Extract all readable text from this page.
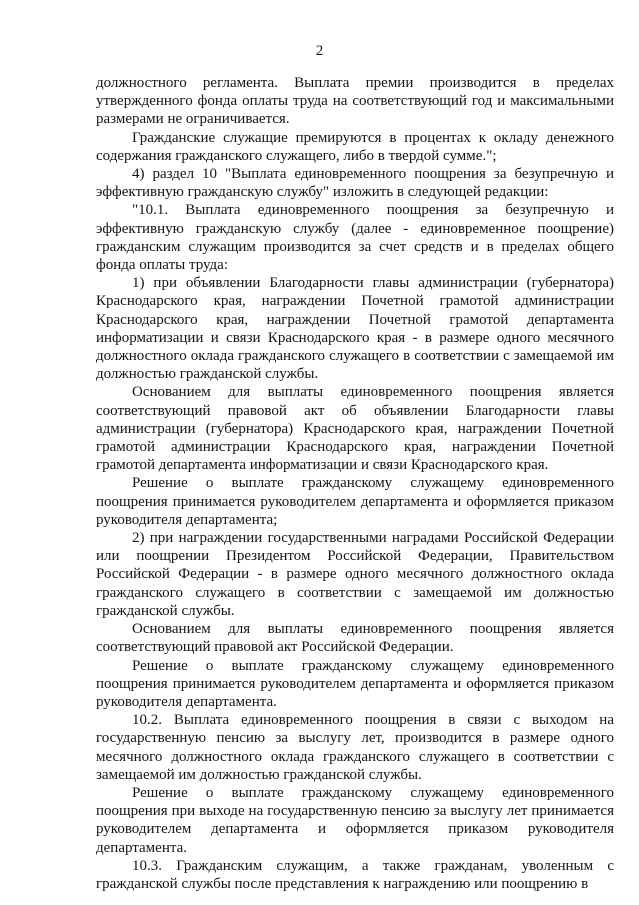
2

должностного регламента. Выплата премии производится в пределах утвержденного фонда оплаты труда на соответствующий год и максимальными размерами не ограничивается.

Гражданские служащие премируются в процентах к окладу денежного содержания гражданского служащего, либо в твердой сумме.";

4) раздел 10 "Выплата единовременного поощрения за безупречную и эффективную гражданскую службу" изложить в следующей редакции:

"10.1. Выплата единовременного поощрения за безупречную и эффективную гражданскую службу (далее - единовременное поощрение) гражданским служащим производится за счет средств и в пределах общего фонда оплаты труда:

1) при объявлении Благодарности главы администрации (губернатора) Краснодарского края, награждении Почетной грамотой администрации Краснодарского края, награждении Почетной грамотой департамента информатизации и связи Краснодарского края - в размере одного месячного должностного оклада гражданского служащего в соответствии с замещаемой им должностью гражданской службы.

Основанием для выплаты единовременного поощрения является соответствующий правовой акт об объявлении Благодарности главы администрации (губернатора) Краснодарского края, награждении Почетной грамотой администрации Краснодарского края, награждении Почетной грамотой департамента информатизации и связи Краснодарского края.

Решение о выплате гражданскому служащему единовременного поощрения принимается руководителем департамента и оформляется приказом руководителя департамента;

2) при награждении государственными наградами Российской Федерации или поощрении Президентом Российской Федерации, Правительством Российской Федерации - в размере одного месячного должностного оклада гражданского служащего в соответствии с замещаемой им должностью гражданской службы.

Основанием для выплаты единовременного поощрения является соответствующий правовой акт Российской Федерации.

Решение о выплате гражданскому служащему единовременного поощрения принимается руководителем департамента и оформляется приказом руководителя департамента.

10.2. Выплата единовременного поощрения в связи с выходом на государственную пенсию за выслугу лет, производится в размере одного месячного должностного оклада гражданского служащего в соответствии с замещаемой им должностью гражданской службы.

Решение о выплате гражданскому служащему единовременного поощрения при выходе на государственную пенсию за выслугу лет принимается руководителем департамента и оформляется приказом руководителя департамента.

10.3. Гражданским служащим, а также гражданам, уволенным с гражданской службы после представления к награждению или поощрению в
